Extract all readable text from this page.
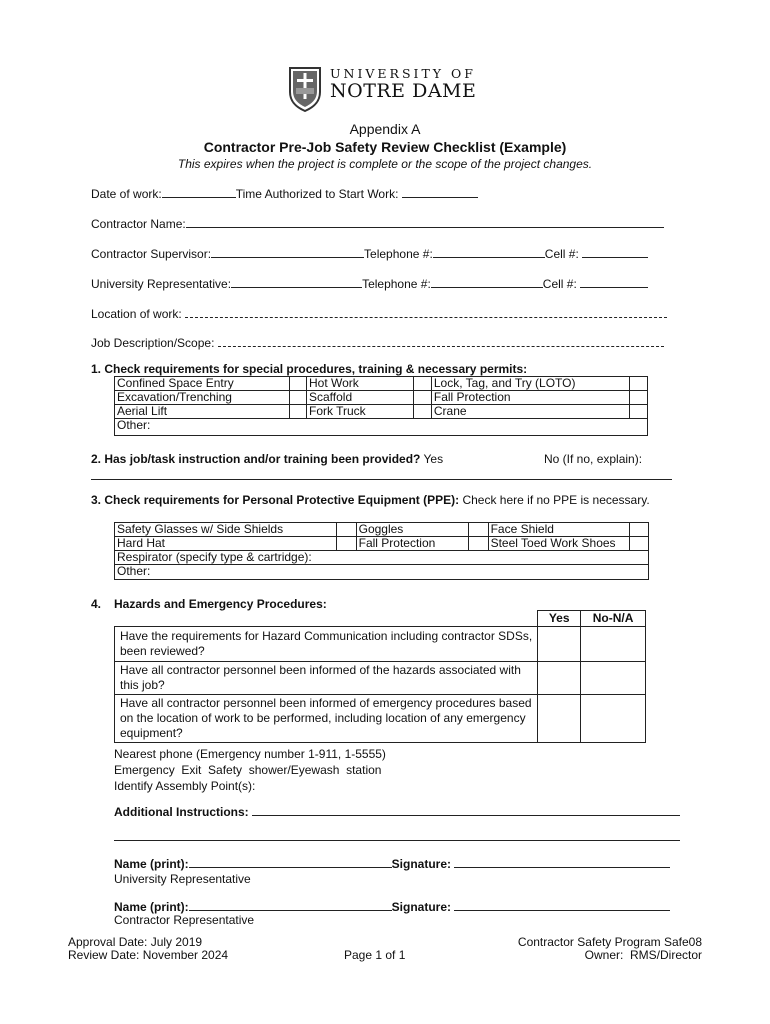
UNIVERSITY OF
NOTRE DAME
Appendix A
Contractor Pre-Job Safety Review Checklist (Example)
This expires when the project is complete or the scope of the project changes.
Date of work:	Time Authorized to Start Work:
Contractor Name:
Contractor Supervisor:	Telephone #:	Cell #:
University Representative:	Telephone #:	Cell #:
Location of work:
Job Description/Scope:
1. Check requirements for special procedures, training & necessary permits:
Confined Space Entry		Hot Work		Lock, Tag, and Try (LOTO)	
Excavation/Trenching		Scaffold		Fall Protection	
Aerial Lift		Fork Truck		Crane	
Other:					
2. Has job/task instruction and/or training been provided? Yes	No (If no, explain):
3. Check requirements for Personal Protective Equipment (PPE): Check here if no PPE is necessary.
Safety Glasses w/ Side Shields		Goggles		Face Shield	
Hard Hat		Fall Protection		Steel Toed Work Shoes	
Respirator (specify type & cartridge):					
Other:					
4. Hazards and Emergency Procedures:
	Yes	No-N/A
Have the requirements for Hazard Communication including contractor SDSs, been reviewed?		
Have all contractor personnel been informed of the hazards associated with this job?		
Have all contractor personnel been informed of emergency procedures based on the location of work to be performed, including location of any emergency equipment?		
Nearest phone (Emergency number 1-911, 1-5555)
Emergency  Exit  Safety  shower/Eyewash  station
Identify Assembly Point(s):
Additional Instructions:
Name (print):	Signature:
University Representative
Name (print):	Signature:
Contractor Representative
Approval Date: July 2019
Review Date: November 2024	Page 1 of 1
Contractor Safety Program Safe08
Owner:  RMS/Director
